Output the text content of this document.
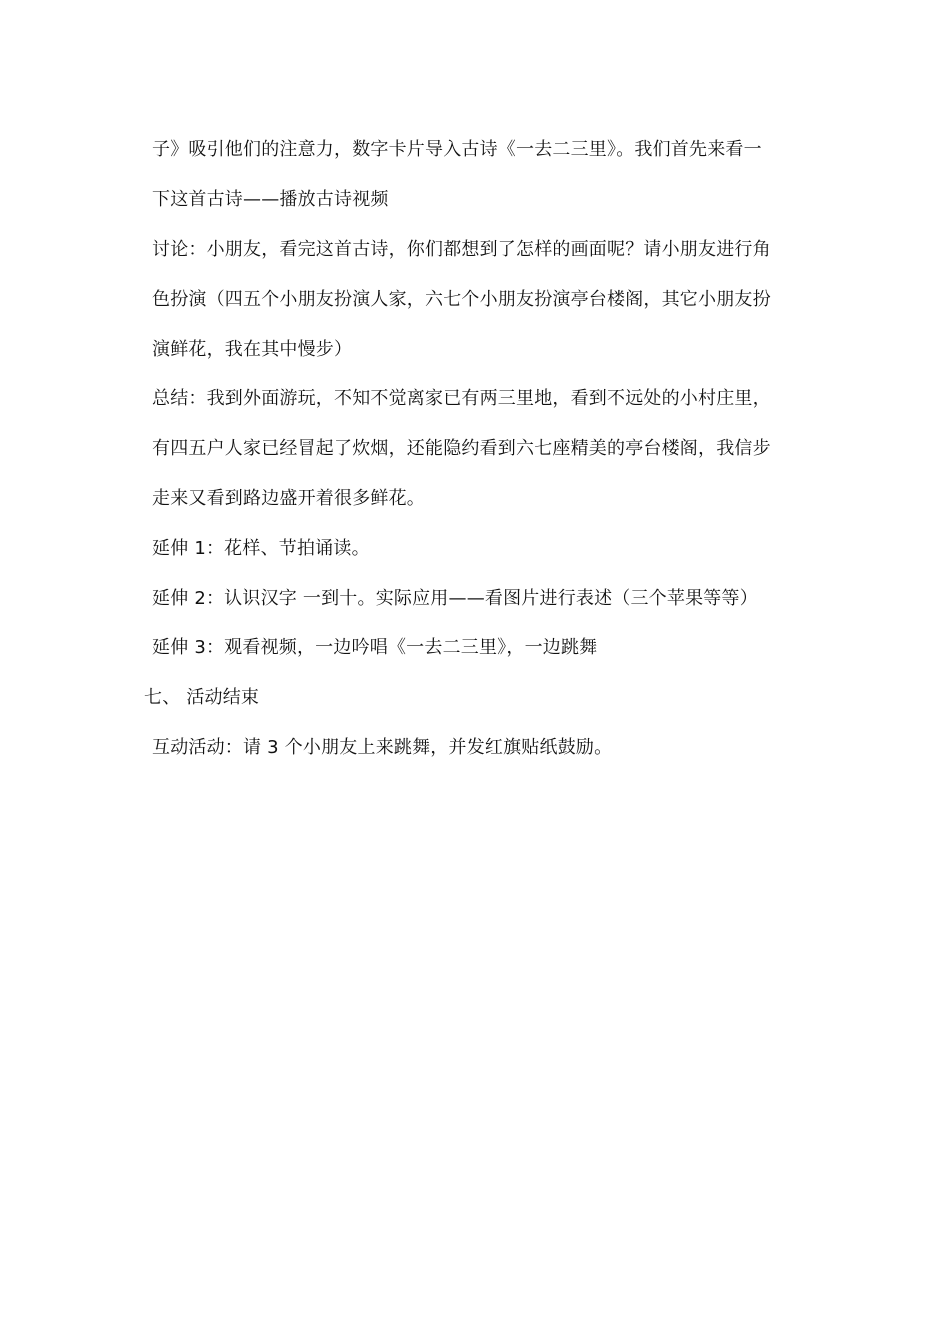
子》吸引他们的注意力，数字卡片导入古诗《一去二三里》。我们首先来看一
下这首古诗——播放古诗视频
讨论：小朋友，看完这首古诗，你们都想到了怎样的画面呢？请小朋友进行角
色扮演（四五个小朋友扮演人家，六七个小朋友扮演亭台楼阁，其它小朋友扮
演鲜花，我在其中慢步）
总结：我到外面游玩，不知不觉离家已有两三里地，看到不远处的小村庄里，
有四五户人家已经冒起了炊烟，还能隐约看到六七座精美的亭台楼阁，我信步
走来又看到路边盛开着很多鲜花。
延伸 1：花样、节拍诵读。
延伸 2：认识汉字 一到十。实际应用——看图片进行表述（三个苹果等等）
延伸 3：观看视频，一边吟唱《一去二三里》，一边跳舞
七、 活动结束
互动活动：请 3 个小朋友上来跳舞，并发红旗贴纸鼓励。
